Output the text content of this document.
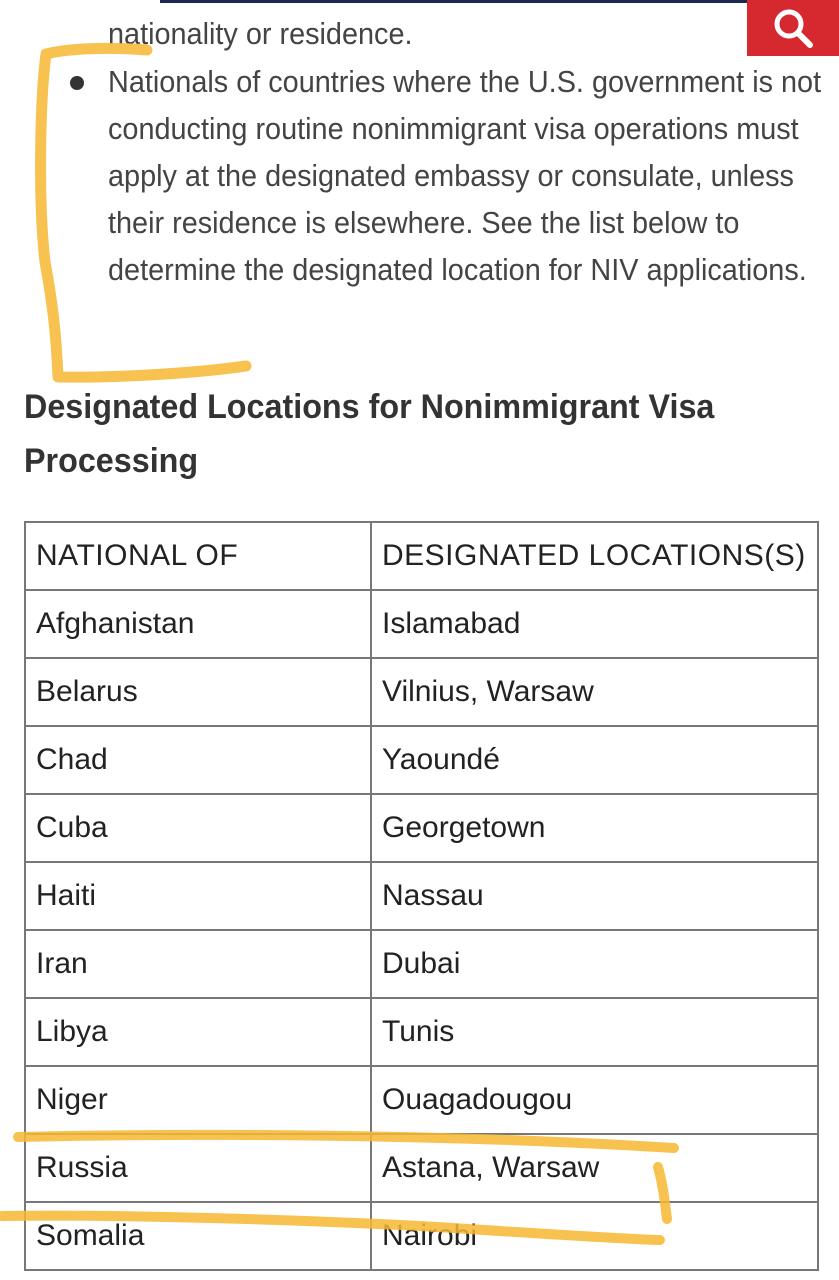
nationality or residence.
Nationals of countries where the U.S. government is not conducting routine nonimmigrant visa operations must apply at the designated embassy or consulate, unless their residence is elsewhere. See the list below to determine the designated location for NIV applications.
Designated Locations for Nonimmigrant Visa Processing
NATIONAL OF	DESIGNATED LOCATIONS(S)
Afghanistan	Islamabad
Belarus	Vilnius, Warsaw
Chad	Yaoundé
Cuba	Georgetown
Haiti	Nassau
Iran	Dubai
Libya	Tunis
Niger	Ouagadougou
Russia	Astana, Warsaw
Somalia	Nairobi
